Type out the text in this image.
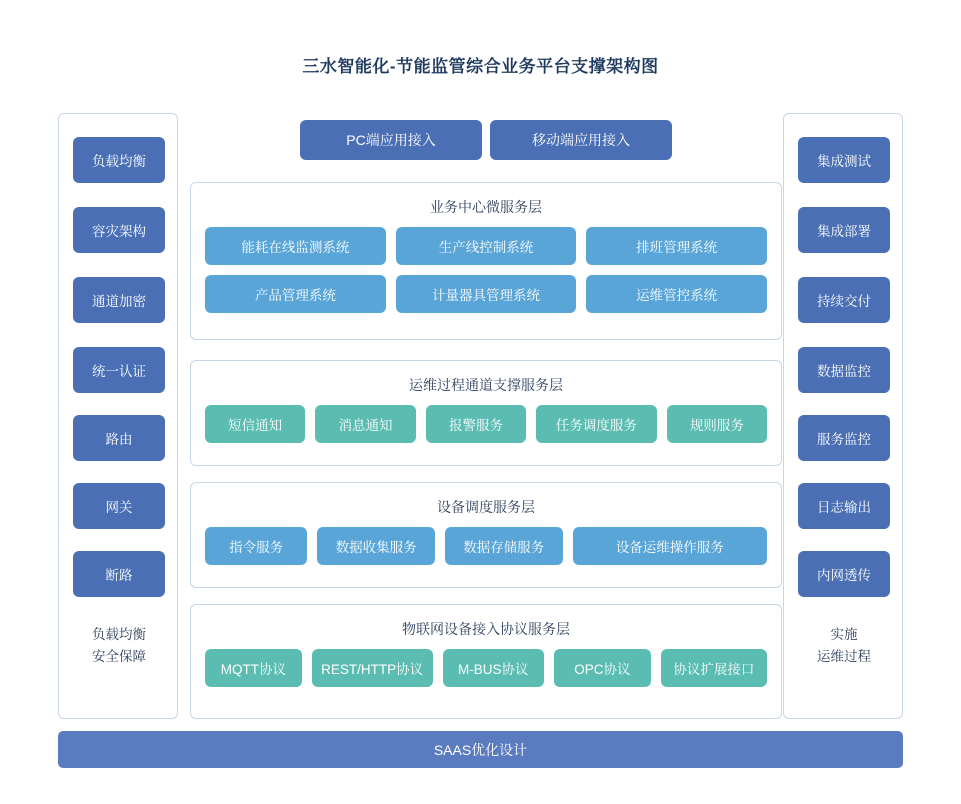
三水智能化-节能监管综合业务平台支撑架构图
负载均衡
容灾架构
通道加密
统一认证
路由
网关
断路
负载均衡
安全保障
集成测试
集成部署
持续交付
数据监控
服务监控
日志输出
内网透传
实施
运维过程
PC端应用接入	移动端应用接入
业务中心微服务层
能耗在线监测系统	生产线控制系统	排班管理系统
产品管理系统	计量器具管理系统	运维管控系统
运维过程通道支撑服务层
短信通知	消息通知	报警服务	任务调度服务	规则服务
设备调度服务层
指令服务	数据收集服务	数据存储服务	设备运维操作服务
物联网设备接入协议服务层
MQTT协议	REST/HTTP协议	M-BUS协议	OPC协议	协议扩展接口
SAAS优化设计
